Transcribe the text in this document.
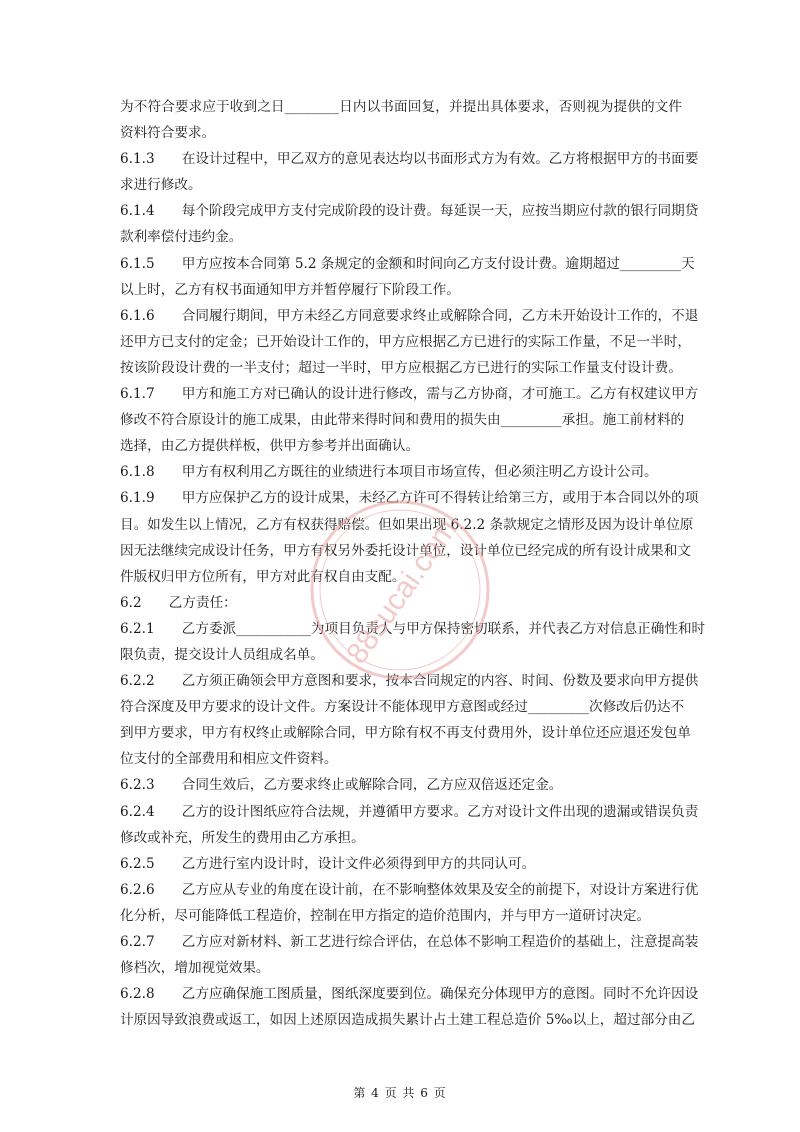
为不符合要求应于收到之日________日内以书面回复，并提出具体要求，否则视为提供的文件
资料符合要求。
6.1.3　　在设计过程中，甲乙双方的意见表达均以书面形式方为有效。乙方将根据甲方的书面要
求进行修改。
6.1.4　　每个阶段完成甲方支付完成阶段的设计费。每延误一天，应按当期应付款的银行同期贷
款利率偿付违约金。
6.1.5　　甲方应按本合同第 5.2 条规定的金额和时间向乙方支付设计费。逾期超过_________天
以上时，乙方有权书面通知甲方并暂停履行下阶段工作。
6.1.6　　合同履行期间，甲方未经乙方同意要求终止或解除合同，乙方未开始设计工作的，不退
还甲方已支付的定金；已开始设计工作的，甲方应根据乙方已进行的实际工作量，不足一半时，
按该阶段设计费的一半支付；超过一半时，甲方应根据乙方已进行的实际工作量支付设计费。
6.1.7　　甲方和施工方对已确认的设计进行修改，需与乙方协商，才可施工。乙方有权建议甲方
修改不符合原设计的施工成果，由此带来得时间和费用的损失由_________承担。施工前材料的
选择，由乙方提供样板，供甲方参考并出面确认。
6.1.8　　甲方有权利用乙方既往的业绩进行本项目市场宣传，但必须注明乙方设计公司。
6.1.9　　甲方应保护乙方的设计成果，未经乙方许可不得转让给第三方，或用于本合同以外的项
目。如发生以上情况，乙方有权获得赔偿。但如果出现 6.2.2 条款规定之情形及因为设计单位原
因无法继续完成设计任务，甲方有权另外委托设计单位，设计单位已经完成的所有设计成果和文
件版权归甲方位所有，甲方对此有权自由支配。
6.2　　乙方责任：
6.2.1　　乙方委派___________为项目负责人与甲方保持密切联系，并代表乙方对信息正确性和时
限负责，提交设计人员组成名单。
6.2.2　　乙方须正确领会甲方意图和要求，按本合同规定的内容、时间、份数及要求向甲方提供
符合深度及甲方要求的设计文件。方案设计不能体现甲方意图或经过_________次修改后仍达不
到甲方要求，甲方有权终止或解除合同，甲方除有权不再支付费用外，设计单位还应退还发包单
位支付的全部费用和相应文件资料。
6.2.3　　合同生效后，乙方要求终止或解除合同，乙方应双倍返还定金。
6.2.4　　乙方的设计图纸应符合法规，并遵循甲方要求。乙方对设计文件出现的遗漏或错误负责
修改或补充，所发生的费用由乙方承担。
6.2.5　　乙方进行室内设计时，设计文件必须得到甲方的共同认可。
6.2.6　　乙方应从专业的角度在设计前，在不影响整体效果及安全的前提下，对设计方案进行优
化分析，尽可能降低工程造价，控制在甲方指定的造价范围内，并与甲方一道研讨决定。
6.2.7　　乙方应对新材料、新工艺进行综合评估，在总体不影响工程造价的基础上，注意提高装
修档次，增加视觉效果。
6.2.8　　乙方应确保施工图质量，图纸深度要到位。确保充分体现甲方的意图。同时不允许因设
计原因导致浪费或返工，如因上述原因造成损失累计占土建工程总造价 5‰以上，超过部分由乙
88sucai.com
第 4 页 共 6 页
